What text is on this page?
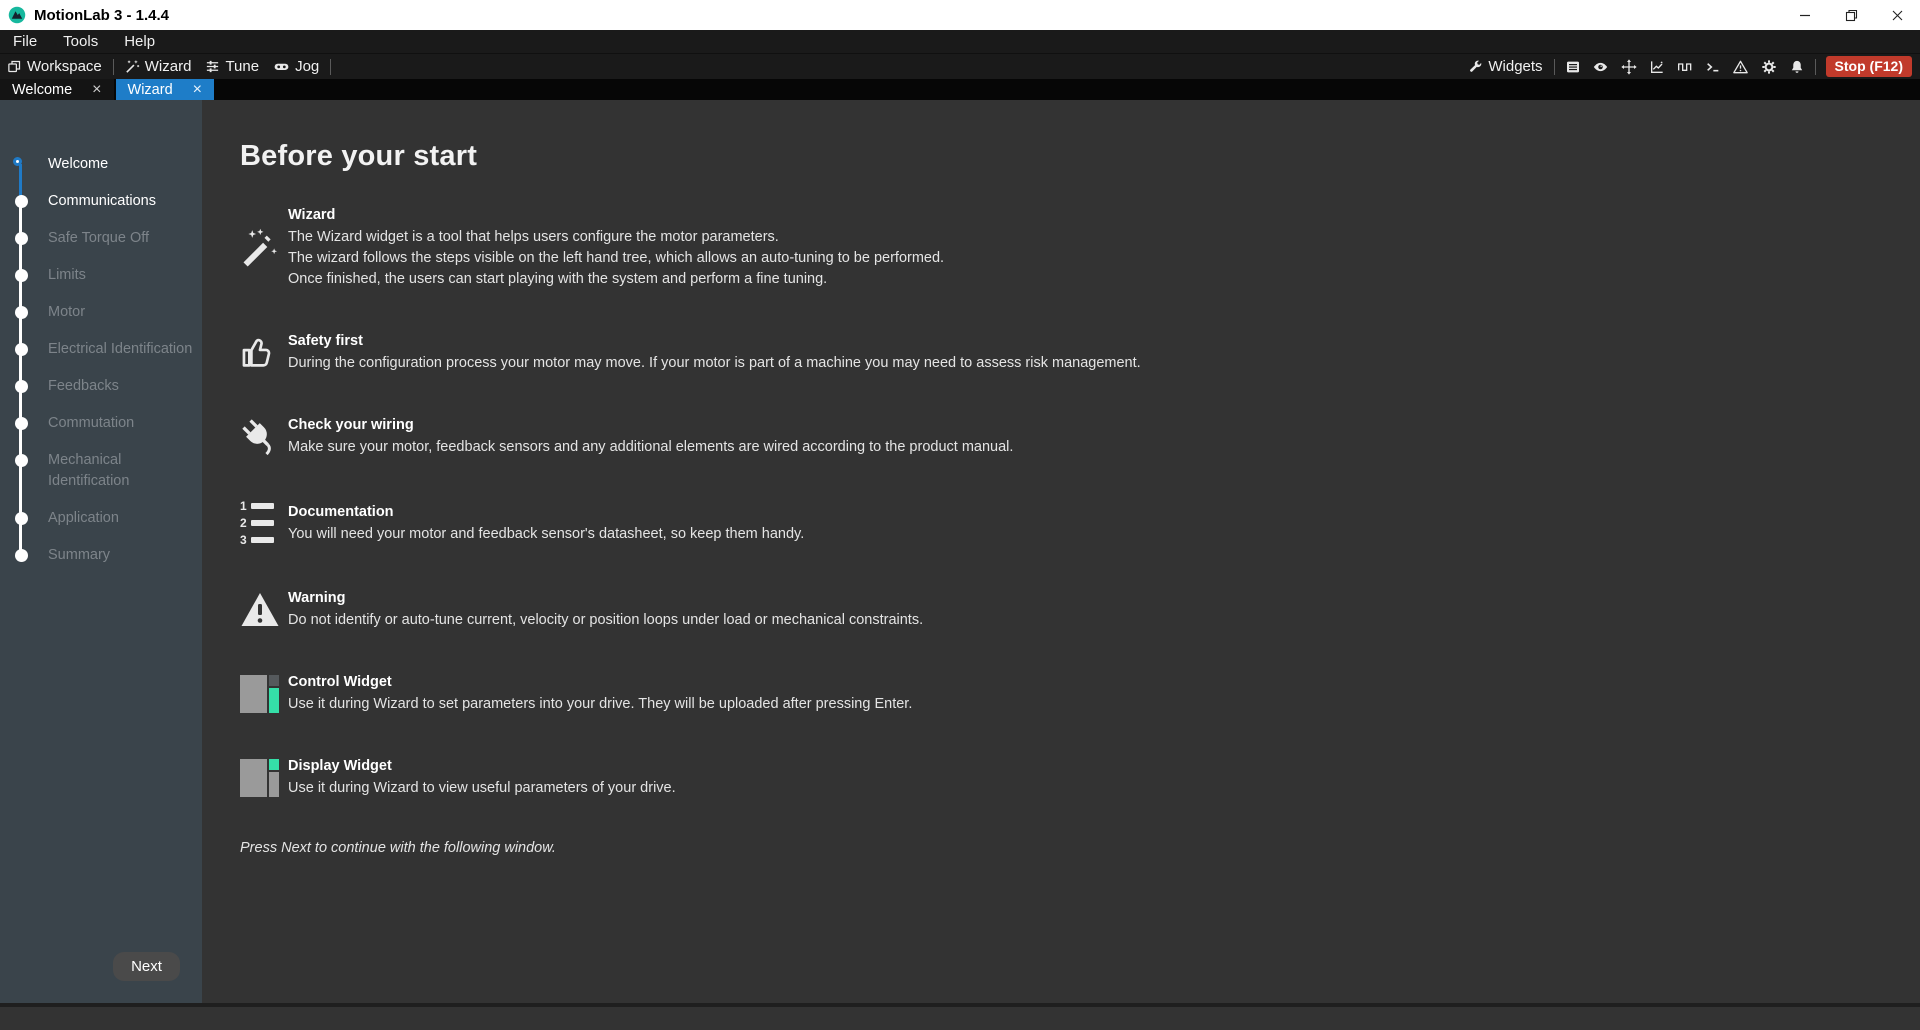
MotionLab 3 - 1.4.4
File	Tools	Help
Workspace	Wizard Tune Jog	Widgets	Stop (F12)
Welcome × Wizard ×
Welcome
Communications
Safe Torque Off
Limits
Motor
Electrical Identification
Feedbacks
Commutation
Mechanical Identification
Application
Summary
Next
Before your start
Wizard
The Wizard widget is a tool that helps users configure the motor parameters.
The wizard follows the steps visible on the left hand tree, which allows an auto-tuning to be performed.
Once finished, the users can start playing with the system and perform a fine tuning.
Safety first
During the configuration process your motor may move. If your motor is part of a machine you may need to assess risk management.
Check your wiring
Make sure your motor, feedback sensors and any additional elements are wired according to the product manual.
1
2
3
Documentation
You will need your motor and feedback sensor's datasheet, so keep them handy.
Warning
Do not identify or auto-tune current, velocity or position loops under load or mechanical constraints.
Control Widget
Use it during Wizard to set parameters into your drive. They will be uploaded after pressing Enter.
Display Widget
Use it during Wizard to view useful parameters of your drive.
Press Next to continue with the following window.
